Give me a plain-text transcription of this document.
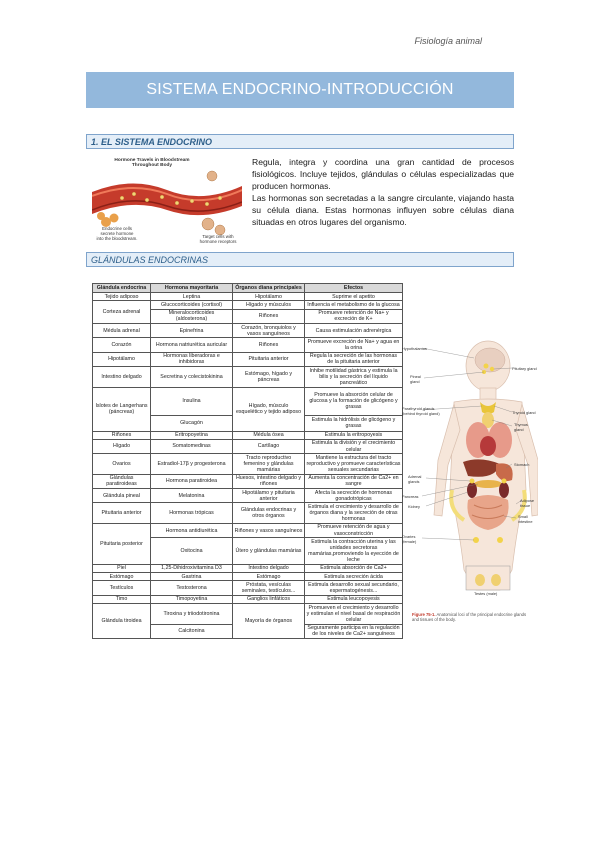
Fisiología animal
SISTEMA ENDOCRINO-INTRODUCCIÓN
1. EL SISTEMA ENDOCRINO
Hormone Travels in Bloodstream
Throughout Body
Endocrine cells
secrete hormone
into the bloodstream.	Target cells with
hormone receptors

Regula, integra y coordina una gran cantidad de procesos fisiológicos. Incluye tejidos, glándulas o células especializadas que producen hormonas.

Las hormonas son secretadas a la sangre circulante, viajando hasta su célula diana. Estas hormonas influyen sobre células diana situadas en otros lugares del organismo.

GLÁNDULAS ENDOCRINAS
Glándula endocrina	Hormona mayoritaria	Órganos diana principales	Efectos
Tejido adiposo	Leptina	Hipotálamo	Suprime el apetito
Corteza adrenal	Glucocorticoides (cortisol)	Hígado y músculos	Influencia el metabolismo de la glucosa
	Mineralocorticoides (aldosterona)	Riñones	Promueve retención de Na+ y excreción de K+
Médula adrenal	Epinefrina	Corazón, bronquiolos y vasos sanguíneos	Causa estimulación adrenérgica
Corazón	Hormona natriurética auricular	Riñones	Promueve excreción de Na+ y agua en la orina
Hipotálamo	Hormonas liberadoras e inhibidoras	Pituitaria anterior	Regula la secreción de las hormonas de la pituitaria anterior
Intestino delgado	Secretina y colecistokinina	Estómago, hígado y páncreas	Inhibe motilidad gástrica y estimula la bilis y la secreción del líquido pancreático
Islotes de Langerhans (páncreas)	Insulina	Hígado, músculo esquelético y tejido adiposo	Promueve la absorción celular de glucosa y la formación de glicógeno y grasas
	Glucagón		Estimula la hidrólisis de glicógeno y grasas
Riñones	Eritropoyetina	Médula ósea	Estimula la eritropoyesis
Hígado	Somatomedinas	Cartílago	Estimula la división y el crecimiento celular
Ovarios	Estradiol-17β y progesterona	Tracto reproductivo femenino y glándulas mamárias	Mantiene la estructura del tracto reproductivo y promueve características sexuales secundarias
Glándulas paratiroideas	Hormona paratiroidea	Huesos, intestino delgado y riñones	Aumenta la concentración de Ca2+ en sangre
Glándula pineal	Melatonina	Hipotálamo y pituitaria anterior	Afecta la secreción de hormonas gonadotrópicas
Pituitaria anterior	Hormonas trópicas	Glándulas endocrinas y otros órganos	Estimula el crecimiento y desarrollo de órganos diana y la secreción de otras hormonas
Pituitaria posterior	Hormona antidiurética	Riñones y vasos sanguíneos	Promueve retención de agua y vasoconstricción
	Oxitocina	Útero y glándulas mamárias	Estimula la contracción uterina y las unidades secretoras mamárias,promoviendo la eyección de leche
Piel	1,25-Dihidroxivitamina D3	Intestino delgado	Estimula absorción de Ca2+
Estómago	Gastrina	Estómago	Estimula secreción ácida
Testículos	Testosterona	Próstata, vesículas seminales, testículos...	Estimula desarrollo sexual secundario, espermatogénesis...
Timo	Timopoyetina	Ganglios linfáticos	Estimula leucopoyesis
Glándula tiroidea	Tiroxina y triiodotironina	Mayoría de órganos	Promueven el crecimiento y desarrollo y estimulan el nivel basal de respiración celular
	Calcitonina		Seguramente participa en la regulación de los niveles de Ca2+ sanguíneos
Hypothalamus
Pineal gland
Pituitary gland
Parathyroid glands (behind thyroid gland)	Thyroid gland
Thymus gland
Stomach
Adrenal glands
Pancreas
Kidney
Adipose tissue
Small intestine
Ovaries (female)
Testes (male)
Figure 75-1. Anatomical loci of the principal endocrine glands and tissues of the body.
